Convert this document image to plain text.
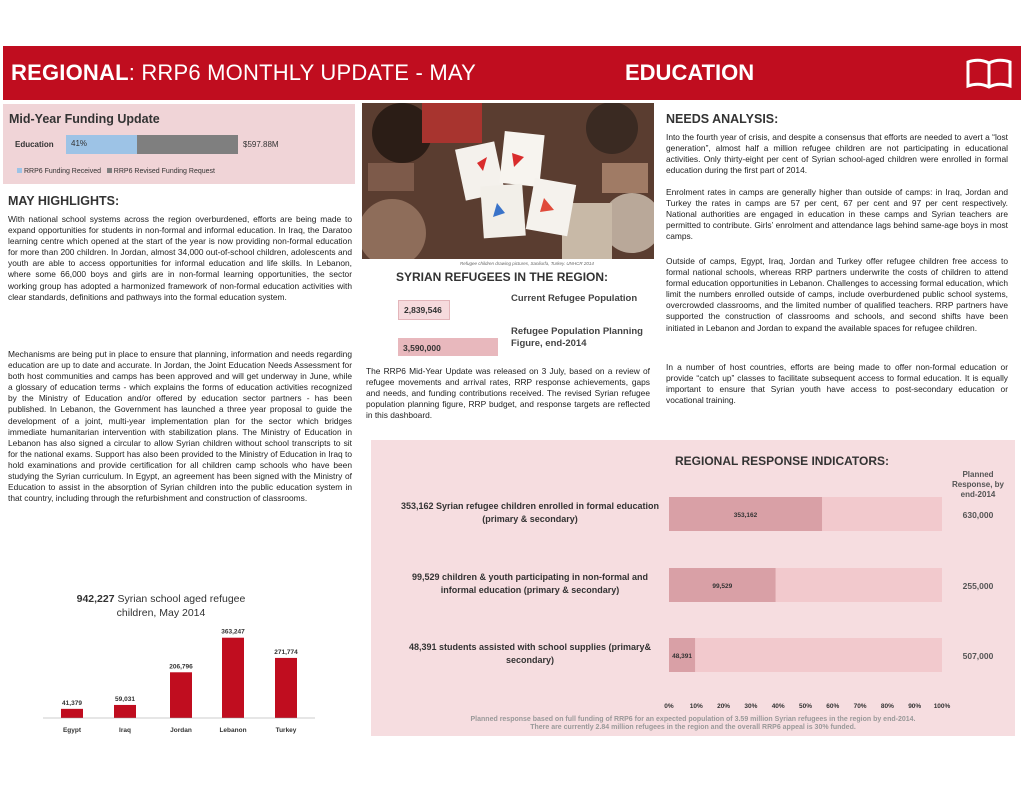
REGIONAL: RRP6 MONTHLY UPDATE - MAY	EDUCATION
Mid-Year Funding Update
Education 41%	$597.88M
RRP6 Funding Received RRP6 Revised Funding Request
MAY HIGHLIGHTS:
With national school systems across the region overburdened, efforts are being made to expand opportunities for students in non-formal and informal education. In Iraq, the Daratoo learning centre which opened at the start of the year is now providing non-formal education for more than 200 children. In Jordan, almost 34,000 out-of-school children, adolescents and youth are able to access opportunities for informal education and life skills. In Lebanon, where some 66,000 boys and girls are in non-formal learning opportunities, the sector working group has adopted a harmonized framework of non-formal education activities with clear standards, definitions and pathways into the formal education system.
Mechanisms are being put in place to ensure that planning, information and needs regarding education are up to date and accurate. In Jordan, the Joint Education Needs Assessment for both host communities and camps has been approved and will get underway in June, while a glossary of education terms - which explains the forms of education activities recognized by the Ministry of Education and/or offered by education sector partners - has been published. In Lebanon, the Government has launched a three year proposal to guide the development of a joint, multi-year implementation plan for the sector which bridges immediate humanitarian intervention with stabilization plans. The Ministry of Education in Lebanon has also signed a circular to allow Syrian children without school transcripts to sit for the national exams. Support has also been provided to the Ministry of Education in Iraq to hold examinations and provide certification for all children camp schools who have been studying the Syrian curriculum. In Egypt, an agreement has been signed with the Ministry of Education to assist in the absorption of Syrian children into the public education system in that country, including through the refurbishment and construction of classrooms.
Refugee children drawing pictures, Sanliurfa, Turkey. UNHCR 2014
SYRIAN REFUGEES IN THE REGION:
2,839,546
Current Refugee Population
3,590,000
Refugee Population Planning Figure, end-2014
The RRP6 Mid-Year Update was released on 3 July, based on a review of refugee movements and arrival rates, RRP response achievements, gaps and needs, and funding contributions received. The revised Syrian refugee population planning figure, RRP budget, and response targets are reflected in this dashboard.
NEEDS ANALYSIS:
Into the fourth year of crisis, and despite a consensus that efforts are needed to avert a “lost generation”, almost half a million refugee children are not participating in educational activities. Only thirty-eight per cent of Syrian school-aged children were enrolled in formal education during the first part of 2014.
Enrolment rates in camps are generally higher than outside of camps: in Iraq, Jordan and Turkey the rates in camps are 57 per cent, 67 per cent and 97 per cent respectively. National authorities are engaged in education in these camps and Syrian teachers are permitted to contribute. Girls’ enrolment and attendance lags behind same-age boys in most camps.
Outside of camps, Egypt, Iraq, Jordan and Turkey offer refugee children free access to formal national schools, whereas RRP partners underwrite the costs of children to attend formal education opportunities in Lebanon. Challenges to accessing formal education, which limit the numbers enrolled outside of camps, include overburdened public school systems, overcrowded classrooms, and the limited number of qualified teachers. RRP partners have supported the construction of classrooms and schools, and second shifts have been initiated in Lebanon and Jordan to expand the available spaces for refugee children.
In a number of host countries, efforts are being made to offer non-formal education or provide “catch up” classes to facilitate subsequent access to formal education. It is equally important to ensure that Syrian youth have access to post-secondary education or vocational training.
942,227 Syrian school aged refugee children, May 2014
41,379
Egypt
59,031
Iraq
206,796
Jordan
363,247
Lebanon
271,774
Turkey
REGIONAL RESPONSE INDICATORS:
Planned Response, by end-2014
353,162	630,000
99,529	255,000
48,391	507,000
0% 10% 20% 30% 40% 50% 60% 70% 80% 90% 100%
Planned response based on full funding of RRP6 for an expected population of 3.59 million Syrian refugees in the region by end-2014.
There are currently 2.84 million refugees in the region and the overall RRP6 appeal is 30% funded.
353,162 Syrian refugee children enrolled in formal education (primary & secondary)
99,529 children & youth participating in non-formal and informal education (primary & secondary)
48,391 students assisted with school supplies (primary& secondary)
